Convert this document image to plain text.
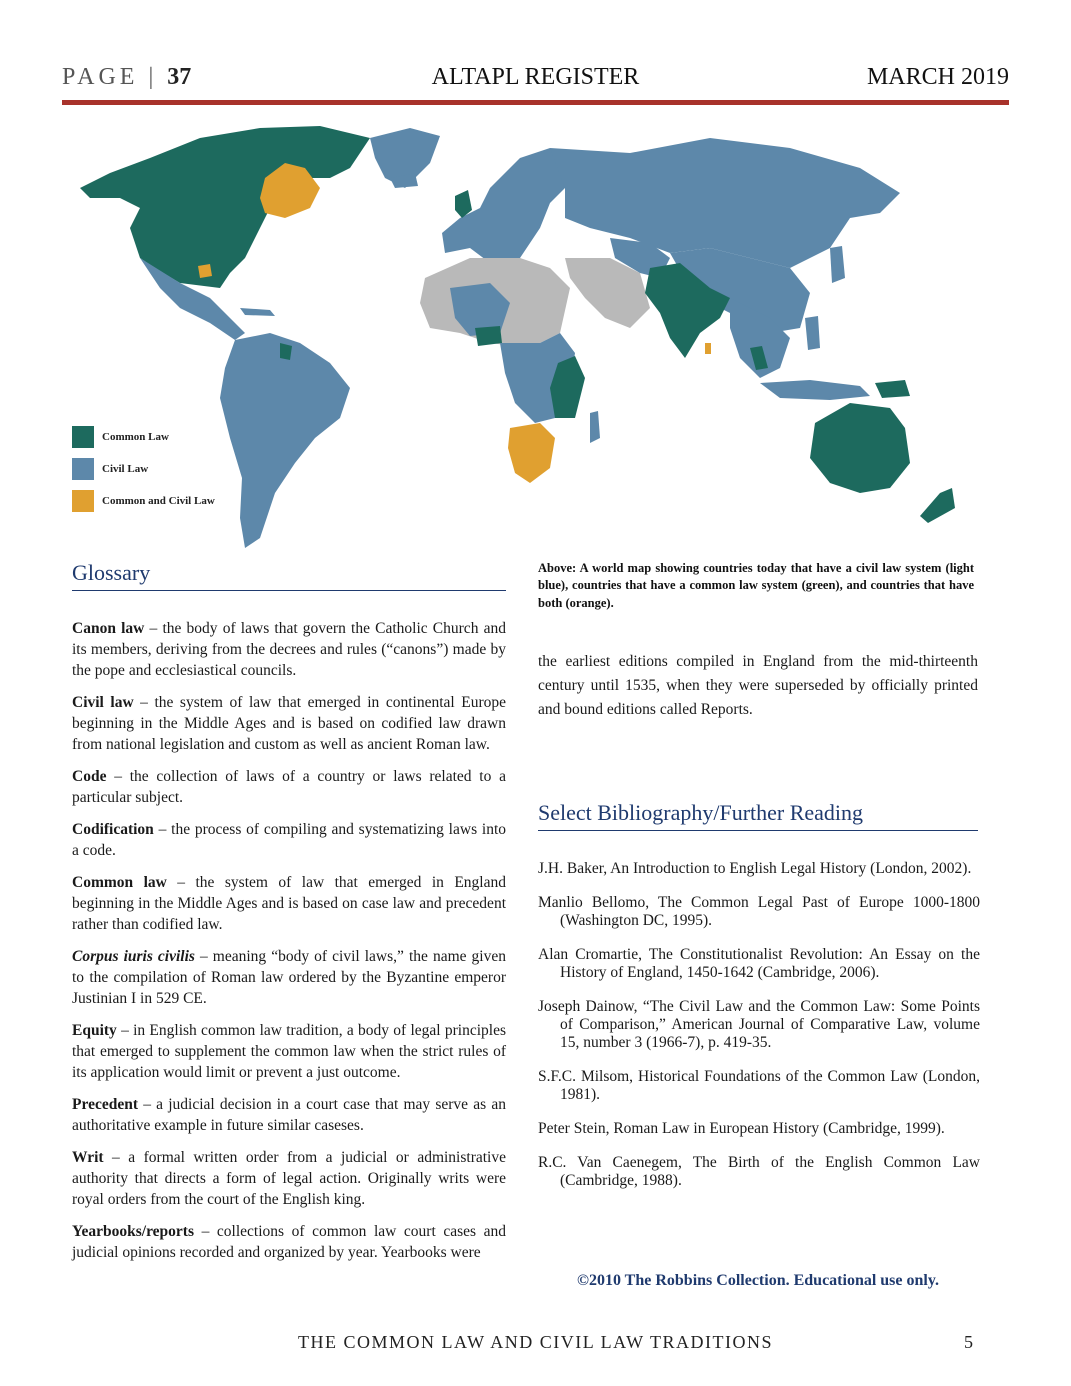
PAGE | 37	ALTAPL REGISTER	MARCH 2019
Common Law
Civil Law
Common and Civil Law
Glossary	Above: A world map showing countries today that have a civil law system (light blue), countries that have a common law system (green), and countries that have both (orange).

Canon law – the body of laws that govern the Catholic Church and its members, deriving from the decrees and rules (“canons”) made by the pope and ecclesiastical councils.

Civil law – the system of law that emerged in continental Europe beginning in the Middle Ages and is based on codified law drawn from national legislation and custom as well as ancient Roman law.

Code – the collection of laws of a country or laws related to a particular subject.

Codification – the process of compiling and systematizing laws into a code.

Common law – the system of law that emerged in England beginning in the Middle Ages and is based on case law and precedent rather than codified law.

Corpus iuris civilis – meaning “body of civil laws,” the name given to the compilation of Roman law ordered by the Byzantine emperor Justinian I in 529 CE.

Equity – in English common law tradition, a body of legal principles that emerged to supplement the common law when the strict rules of its application would limit or prevent a just outcome.

Precedent – a judicial decision in a court case that may serve as an authoritative example in future similar caseses.

Writ – a formal written order from a judicial or administrative authority that directs a form of legal action. Originally writs were royal orders from the court of the English king.

Yearbooks/reports – collections of common law court cases and judicial opinions recorded and organized by year. Yearbooks were

the earliest editions compiled in England from the mid-thirteenth century until 1535, when they were superseded by officially printed and bound editions called Reports.
Select Bibliography/Further Reading

J.H. Baker, An Introduction to English Legal History (London, 2002).

Manlio Bellomo, The Common Legal Past of Europe 1000-1800 (Washington DC, 1995).

Alan Cromartie, The Constitutionalist Revolution: An Essay on the History of England, 1450-1642 (Cambridge, 2006).

Joseph Dainow, “The Civil Law and the Common Law: Some Points of Comparison,” American Journal of Comparative Law, volume 15, number 3 (1966-7), p. 419-35.

S.F.C. Milsom, Historical Foundations of the Common Law (London, 1981).

Peter Stein, Roman Law in European History (Cambridge, 1999).

R.C. Van Caenegem, The Birth of the English Common Law (Cambridge, 1988).

©2010 The Robbins Collection. Educational use only.
THE COMMON LAW AND CIVIL LAW TRADITIONS	5
